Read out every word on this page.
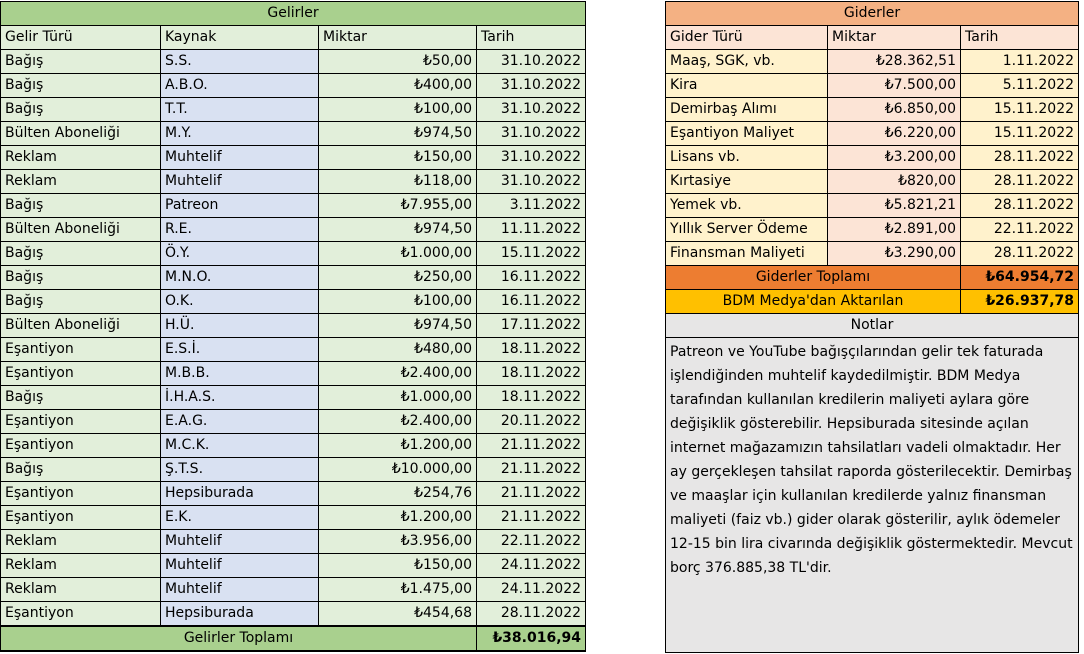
Gelirler			
Gelir Türü	Kaynak	Miktar	Tarih
Bağış	S.S.	₺50,00	31.10.2022
Bağış	A.B.O.	₺400,00	31.10.2022
Bağış	T.T.	₺100,00	31.10.2022
Bülten Aboneliği	M.Y.	₺974,50	31.10.2022
Reklam	Muhtelif	₺150,00	31.10.2022
Reklam	Muhtelif	₺118,00	31.10.2022
Bağış	Patreon	₺7.955,00	3.11.2022
Bülten Aboneliği	R.E.	₺974,50	11.11.2022
Bağış	Ö.Y.	₺1.000,00	15.11.2022
Bağış	M.N.O.	₺250,00	16.11.2022
Bağış	O.K.	₺100,00	16.11.2022
Bülten Aboneliği	H.Ü.	₺974,50	17.11.2022
Eşantiyon	E.S.İ.	₺480,00	18.11.2022
Eşantiyon	M.B.B.	₺2.400,00	18.11.2022
Bağış	İ.H.A.S.	₺1.000,00	18.11.2022
Eşantiyon	E.A.G.	₺2.400,00	20.11.2022
Eşantiyon	M.C.K.	₺1.200,00	21.11.2022
Bağış	Ş.T.S.	₺10.000,00	21.11.2022
Eşantiyon	Hepsiburada	₺254,76	21.11.2022
Eşantiyon	E.K.	₺1.200,00	21.11.2022
Reklam	Muhtelif	₺3.956,00	22.11.2022
Reklam	Muhtelif	₺150,00	24.11.2022
Reklam	Muhtelif	₺1.475,00	24.11.2022
Eşantiyon	Hepsiburada	₺454,68	28.11.2022
Gelirler Toplamı			₺38.016,94
Giderler		
Gider Türü	Miktar	Tarih
Maaş, SGK, vb.	₺28.362,51	1.11.2022
Kira	₺7.500,00	5.11.2022
Demirbaş Alımı	₺6.850,00	15.11.2022
Eşantiyon Maliyet	₺6.220,00	15.11.2022
Lisans vb.	₺3.200,00	28.11.2022
Kırtasiye	₺820,00	28.11.2022
Yemek vb.	₺5.821,21	28.11.2022
Yıllık Server Ödeme	₺2.891,00	22.11.2022
Finansman Maliyeti	₺3.290,00	28.11.2022
Giderler Toplamı		₺64.954,72
BDM Medya'dan Aktarılan		₺26.937,78
Notlar		
Patreon ve YouTube bağışçılarından gelir tek faturada işlendiğinden muhtelif kaydedilmiştir. BDM Medya tarafından kullanılan kredilerin maliyeti aylara göre değişiklik gösterebilir. Hepsiburada sitesinde açılan internet mağazamızın tahsilatları vadeli olmaktadır. Her ay gerçekleşen tahsilat raporda gösterilecektir. Demirbaş ve maaşlar için kullanılan kredilerde yalnız finansman maliyeti (faiz vb.) gider olarak gösterilir, aylık ödemeler 12-15 bin lira civarında değişiklik göstermektedir. Mevcut borç 376.885,38 TL'dir.		
